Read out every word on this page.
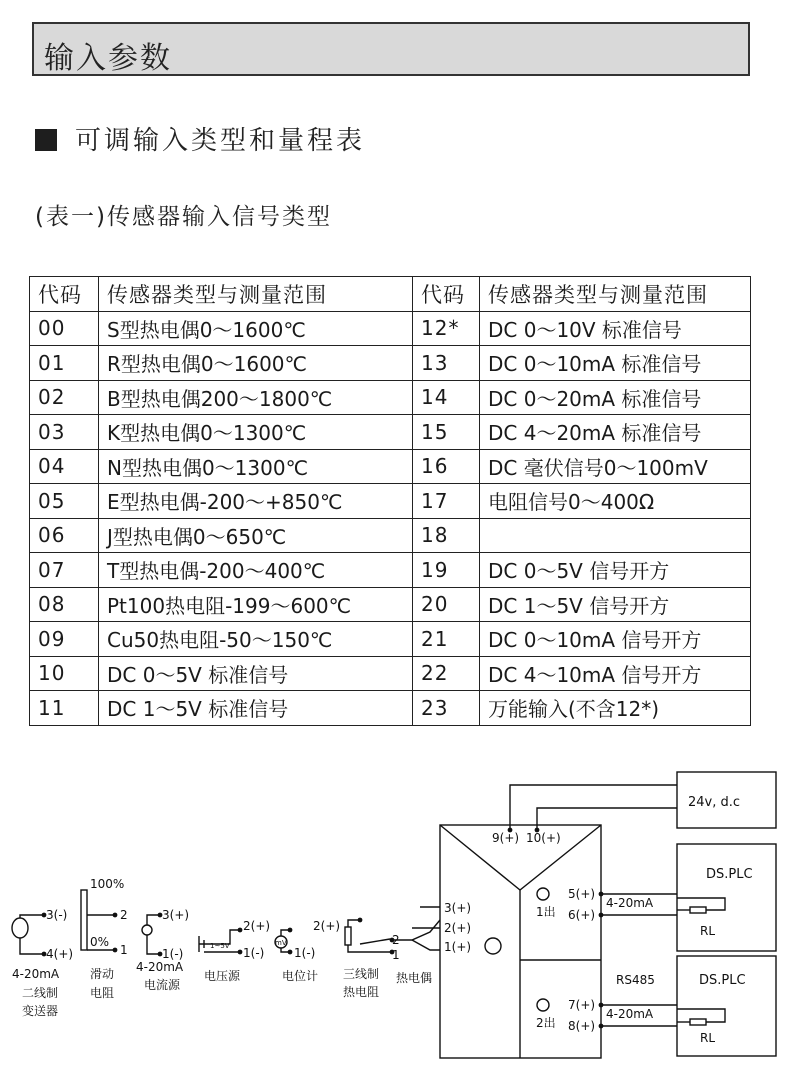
输入参数
可调输入类型和量程表
(表一)传感器输入信号类型
代码	传感器类型与测量范围	代码	传感器类型与测量范围
00	S型热电偶0～1600℃	12*	DC 0～10V 标准信号
01	R型热电偶0～1600℃	13	DC 0～10mA 标准信号
02	B型热电偶200～1800℃	14	DC 0～20mA 标准信号
03	K型热电偶0～1300℃	15	DC 4～20mA 标准信号
04	N型热电偶0～1300℃	16	DC 毫伏信号0～100mV
05	E型热电偶-200～+850℃	17	电阻信号0～400Ω
06	J型热电偶0～650℃	18	
07	T型热电偶-200～400℃	19	DC 0～5V 信号开方
08	Pt100热电阻-199～600℃	20	DC 1～5V 信号开方
09	Cu50热电阻-50～150℃	21	DC 0～10mA 信号开方
10	DC 0～5V 标准信号	22	DC 4～10mA 信号开方
11	DC 1～5V 标准信号	23	万能输入(不含12*)
24v, d.c
9(+) 10(+)
3(+)
2(+)
1(+)
5(+)
6(+)
7(+)
8(+)
1出
2出
RS485
4-20mA
4-20mA
DS.PLC
DS.PLC
RL
RL
3(-)
4(+)
4-20mA
二线制
变送器
100%
0%
2
1
滑动
电阻
3(+)
1(-)
4-20mA
电流源
2(+)
1(-)
1~5V
电压源
2(+)
1(-)
mV
电位计
2
1
三线制
热电阻
热电偶
